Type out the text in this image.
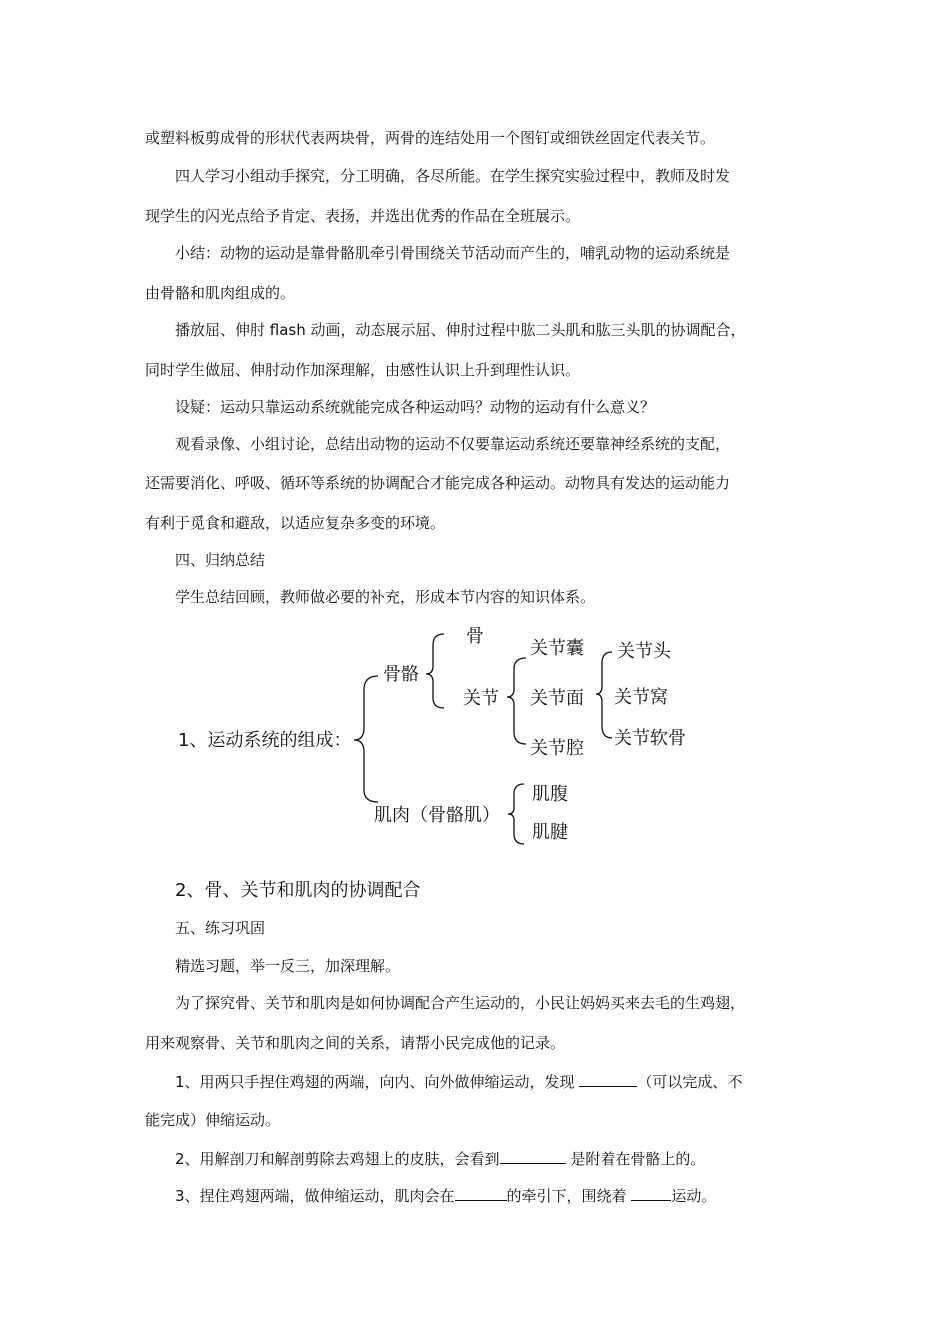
或塑料板剪成骨的形状代表两块骨，两骨的连结处用一个图钉或细铁丝固定代表关节。
四人学习小组动手探究，分工明确，各尽所能。在学生探究实验过程中，教师及时发
现学生的闪光点给予肯定、表扬，并选出优秀的作品在全班展示。
小结：动物的运动是靠骨骼肌牵引骨围绕关节活动而产生的，哺乳动物的运动系统是
由骨骼和肌肉组成的。
播放屈、伸肘 flash 动画，动态展示屈、伸肘过程中肱二头肌和肱三头肌的协调配合，
同时学生做屈、伸肘动作加深理解，由感性认识上升到理性认识。
设疑：运动只靠运动系统就能完成各种运动吗？动物的运动有什么意义？
观看录像、小组讨论，总结出动物的运动不仅要靠运动系统还要靠神经系统的支配，
还需要消化、呼吸、循环等系统的协调配合才能完成各种运动。动物具有发达的运动能力
有利于觅食和避敌，以适应复杂多变的环境。
四、归纳总结
学生总结回顾，教师做必要的补充，形成本节内容的知识体系。
1、运动系统的组成：
骨骼
骨
关节
关节囊
关节面
关节腔
关节头
关节窝
关节软骨
肌肉（骨骼肌）
肌腹
肌腱
2、骨、关节和肌肉的协调配合
五、练习巩固
精选习题，举一反三，加深理解。
为了探究骨、关节和肌肉是如何协调配合产生运动的，小民让妈妈买来去毛的生鸡翅，
用来观察骨、关节和肌肉之间的关系，请帮小民完成他的记录。
1、用两只手捏住鸡翅的两端，向内、向外做伸缩运动，发现	（可以完成、不
能完成）伸缩运动。
2、用解剖刀和解剖剪除去鸡翅上的皮肤，会看到	是附着在骨骼上的。
3、捏住鸡翅两端，做伸缩运动，肌肉会在	的牵引下，围绕着	运动。
